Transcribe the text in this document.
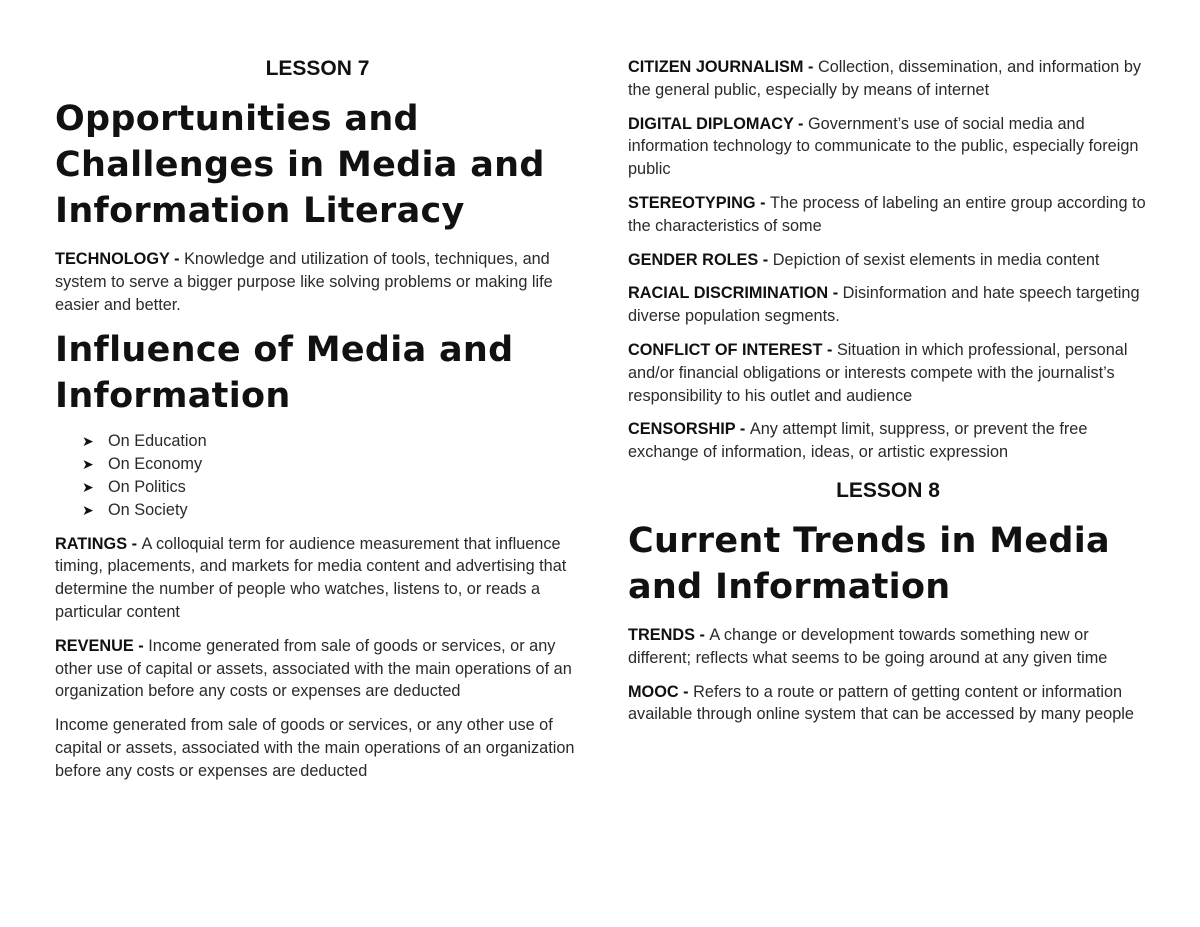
LESSON 7
Opportunities and Challenges in Media and Information Literacy

TECHNOLOGY - Knowledge and utilization of tools, techniques, and system to serve a bigger purpose like solving problems or making life easier and better.

Influence of Media and Information
➤ On Education
➤ On Economy
➤ On Politics
➤ On Society

RATINGS - A colloquial term for audience measurement that influence timing, placements, and markets for media content and advertising that determine the number of people who watches, listens to, or reads a particular content

REVENUE - Income generated from sale of goods or services, or any other use of capital or assets, associated with the main operations of an organization before any costs or expenses are deducted

Income generated from sale of goods or services, or any other use of capital or assets, associated with the main operations of an organization before any costs or expenses are deducted

CITIZEN JOURNALISM - Collection, dissemination, and information by the general public, especially by means of internet

DIGITAL DIPLOMACY - Government’s use of social media and information technology to communicate to the public, especially foreign public

STEREOTYPING - The process of labeling an entire group according to the characteristics of some

GENDER ROLES - Depiction of sexist elements in media content

RACIAL DISCRIMINATION - Disinformation and hate speech targeting diverse population segments.

CONFLICT OF INTEREST - Situation in which professional, personal and/or financial obligations or interests compete with the journalist’s responsibility to his outlet and audience

CENSORSHIP - Any attempt limit, suppress, or prevent the free exchange of information, ideas, or artistic expression

LESSON 8
Current Trends in Media and Information

TRENDS - A change or development towards something new or different; reflects what seems to be going around at any given time

MOOC - Refers to a route or pattern of getting content or information available through online system that can be accessed by many people
